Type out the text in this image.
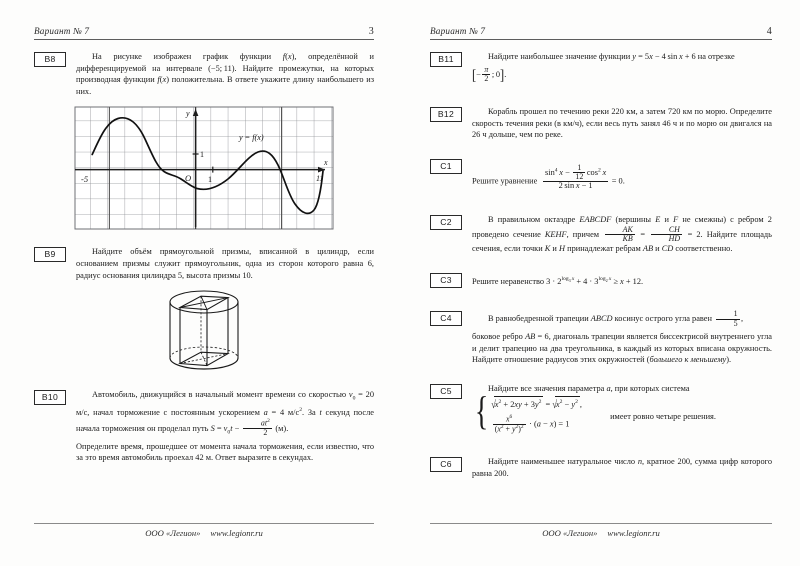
Вариант № 7	3
B8	На рисунке изображен график функции f(x), определённой и дифференцируемой на интервале (−5; 11). Найдите промежутки, на которых производная функции f(x) положительна. В ответе укажите длину наибольшего из них.

-5	11
O 1
1
y
x
y = f(x)
B9	Найдите объём прямоугольной призмы, вписанной в цилиндр, если основанием призмы служит прямоугольник, одна из сторон которого равна 6, радиус основания цилиндра 5, высота призмы 10.

B10	Автомобиль, движущийся в начальный момент времени со скоростью $v_0 = 20$ м/с, начал торможение с постоянным ускорением a = 4 $м/с^2$. За t секунд после начала торможения он проделал путь $S = v_0t - \frac{at^2}{2} (м)$.

Определите время, прошедшее от момента начала торможения, если известно, что за это время автомобиль проехал 42 м. Ответ выразите в секундах.

ООО «Легион» www.legionr.ru
Вариант № 7	4
B11	Найдите наибольшее значение функции y = 5x − 4 sin  x + 6 на отрезке

[− $\frac{\pi}{2}$ ; 0].

B12	Корабль прошел по течению реки 220 км, а затем 720 км по морю. Определите скорость течения реки (в км/ч), если весь путь занял 46 ч и по морю он двигался на 26 ч дольше, чем по реке.

C1

Решите уравнение $\frac{\sin^4 x - \frac{1}{12} \cos^2 x}{\text{2 sin  x − 1}} = 0$.

C2	В правильном октаэдре EABCDF (вершины E и F не смежны) с ребром 2 проведено сечение KEHF, причем $\frac{AK}{KB} = \frac{CH}{HD} = 2$. Найдите площадь сечения, если точки K и H принадлежат ребрам AB и CD соответственно.

C3	Решите неравенство $3 \cdot 2^{log_3 x} + 4 \cdot 3^{log_2 x} \ge x + 12$.

C4	В равнобедренной трапеции ABCD косинус острого угла равен $\frac{1}{5}$ ,

боковое ребро AB = 6, диагональ трапеции является биссектрисой внутреннего угла и делит трапецию на два треугольника, в каждый из которых вписана окружность. Найдите отношение радиусов этих окружностей (большего к меньшему).

C5	Найдите все значения параметра a, при которых система

{ $√x^2 + 2xy + 3y^2 = √x^2 - y^2$ ,
$\frac{x^6}{(x^2 + y^2)^2} \cdot (a - x) = 1$
имеет ровно четыре решения.

C6	Найдите наименьшее натуральное число n, кратное 200, сумма цифр которого равна 200.

ООО «Легион» www.legionr.ru
